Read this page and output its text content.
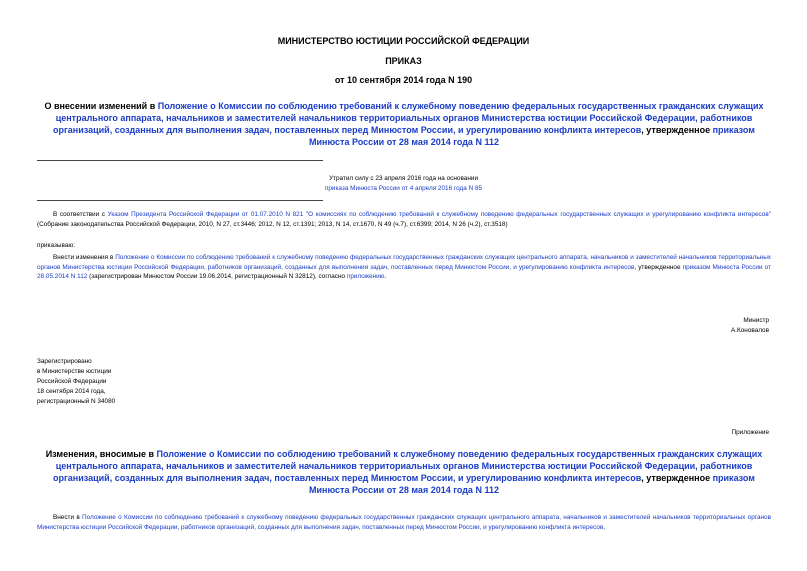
МИНИСТЕРСТВО ЮСТИЦИИ РОССИЙСКОЙ ФЕДЕРАЦИИ
ПРИКАЗ
от 10 сентября 2014 года N 190
О внесении изменений в Положение о Комиссии по соблюдению требований к служебному поведению федеральных государственных гражданских служащих центрального аппарата, начальников и заместителей начальников территориальных органов Министерства юстиции Российской Федерации, работников организаций, созданных для выполнения задач, поставленных перед Минюстом России, и урегулированию конфликта интересов, утвержденное приказом Минюста России от 28 мая 2014 года N 112
Утратил силу с 23 апреля 2016 года на основании
приказа Минюста России от 4 апреля 2016 года N 85
В соответствии с Указом Президента Российской Федерации от 01.07.2010 N 821 "О комиссиях по соблюдению требований к служебному поведению федеральных государственных служащих и урегулированию конфликта интересов" (Собрание законодательства Российской Федерации, 2010, N 27, ст.3446; 2012, N 12, ст.1391; 2013, N 14, ст.1670, N 49 (ч.7), ст.6399; 2014, N 26 (ч.2), ст.3518)
приказываю:
Внести изменения в Положение о Комиссии по соблюдению требований к служебному поведению федеральных государственных гражданских служащих центрального аппарата, начальников и заместителей начальников территориальных органов Министерства юстиции Российской Федерации, работников организаций, созданных для выполнения задач, поставленных перед Минюстом России, и урегулированию конфликта интересов, утвержденное приказом Минюста России от 28.05.2014 N 112 (зарегистрирован Минюстом России 19.06.2014, регистрационный N 32812), согласно приложению.
Министр
А.Коновалов
Зарегистрировано
в Министерстве юстиции
Российской Федерации
18 сентября 2014 года,
регистрационный N 34080
Приложение
Изменения, вносимые в Положение о Комиссии по соблюдению требований к служебному поведению федеральных государственных гражданских служащих центрального аппарата, начальников и заместителей начальников территориальных органов Министерства юстиции Российской Федерации, работников организаций, созданных для выполнения задач, поставленных перед Минюстом России, и урегулированию конфликта интересов, утвержденное приказом Минюста России от 28 мая 2014 года N 112
Внести в Положение о Комиссии по соблюдению требований к служебному поведению федеральных государственных гражданских служащих центрального аппарата, начальников и заместителей начальников территориальных органов Министерства юстиции Российской Федерации, работников организаций, созданных для выполнения задач, поставленных перед Минюстом России, и урегулированию конфликта интересов,
